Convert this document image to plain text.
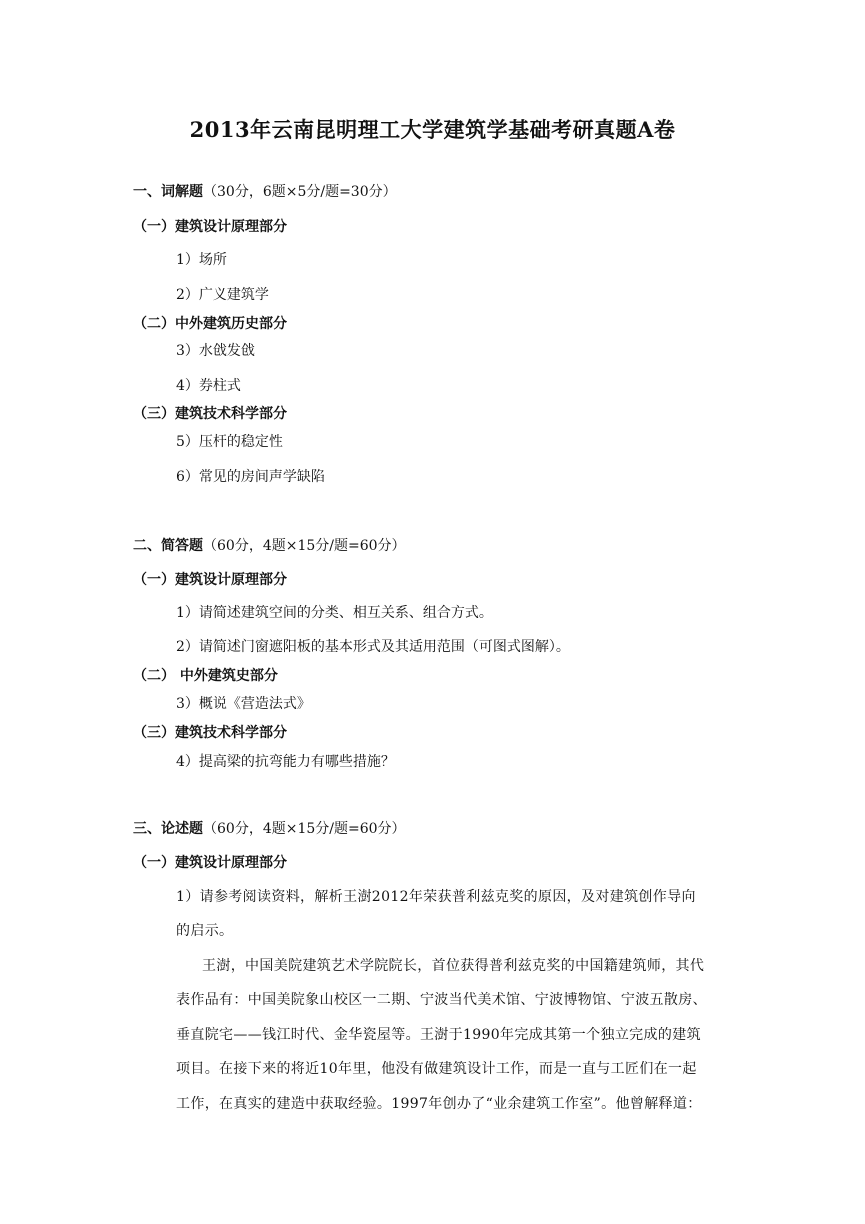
2013年云南昆明理工大学建筑学基础考研真题A卷
一、词解题（30分，6题×5分/题=30分）
（一）建筑设计原理部分
1）场所
2）广义建筑学
（二）中外建筑历史部分
3）水戗发戗
4）券柱式
（三）建筑技术科学部分
5）压杆的稳定性
6）常见的房间声学缺陷
二、简答题（60分，4题×15分/题=60分）
（一）建筑设计原理部分
1）请简述建筑空间的分类、相互关系、组合方式。
2）请简述门窗遮阳板的基本形式及其适用范围（可图式图解）。
（二） 中外建筑史部分
3）概说《营造法式》
（三）建筑技术科学部分
4）提高梁的抗弯能力有哪些措施？
三、论述题（60分，4题×15分/题=60分）
（一）建筑设计原理部分
1）请参考阅读资料，解析王澍2012年荣获普利兹克奖的原因，及对建筑创作导向
的启示。
王澍，中国美院建筑艺术学院院长，首位获得普利兹克奖的中国籍建筑师，其代
表作品有：中国美院象山校区一二期、宁波当代美术馆、宁波博物馆、宁波五散房、
垂直院宅——钱江时代、金华瓷屋等。王澍于1990年完成其第一个独立完成的建筑
项目。在接下来的将近10年里，他没有做建筑设计工作，而是一直与工匠们在一起
工作，在真实的建造中获取经验。1997年创办了“业余建筑工作室”。他曾解释道：
